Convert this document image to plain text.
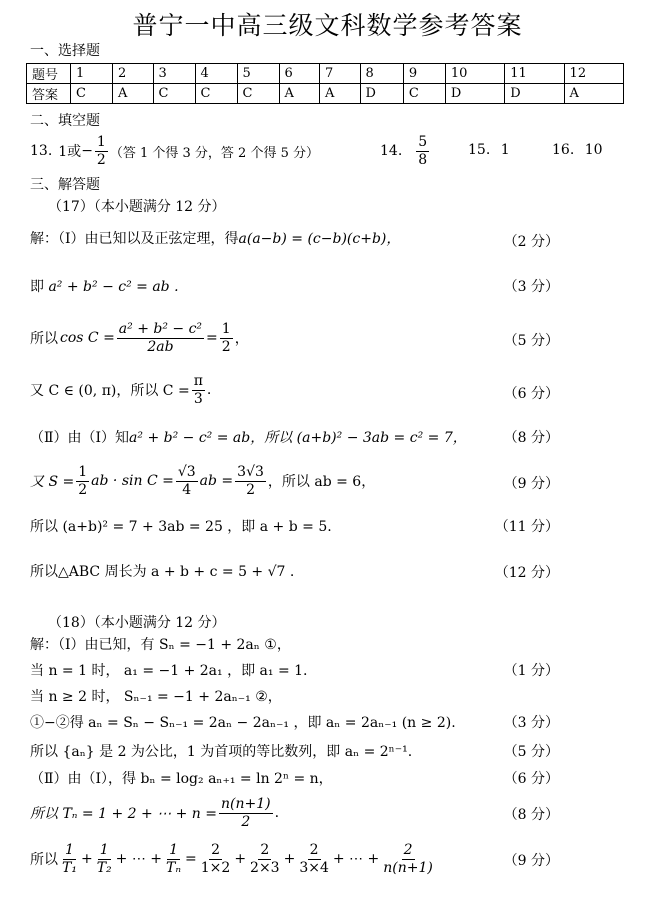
普宁一中高三级文科数学参考答案
一、选择题
题号	1	2	3	4	5	6	7	8	9	10	11	12
答案	C	A	C	C	C	A	A	D	C	D	D	A
二、填空题
13. 1或 − $\frac{1}{2}$ （答 1 个得 3 分，答 2 个得 5 分）	14. $\frac{5}{8}$	15. 1	16. 10
三、解答题
（17）（本小题满分 12 分）
解：（Ⅰ）由已知以及正弦定理，得a(a−b) = (c−b)(c+b)，	（2 分）
即 a² + b² − c² = ab .	（3 分）
所以 $\cos C = \frac{\text{a² + b² − c²}}{2ab} = \frac{1}{2}$ ，	（5 分）
又 C ∈ (0, π)，所以 $C = \frac{\pi}{3}$ .	（6 分）
（Ⅱ）由（Ⅰ）知a² + b² − c² = ab，所以 (a+b)² − 3ab = c² = 7，	（8 分）
又 $S = \frac{1}{2}$ ab · $\sin C = \frac{√3}{4}$ ab = $\frac{3√3}{2}$ ，所以 ab = 6，	（9 分）
所以 (a+b)² = 7 + 3ab = 25 ，即 a + b = 5.	（11 分）
所以△ABC 周长为 a + b + c = 5 + √7 .	（12 分）
（18）（本小题满分 12 分）
解：（Ⅰ）由已知，有 Sₙ = −1 + 2aₙ ①，
当 n = 1 时， a₁ = −1 + 2a₁ ，即 a₁ = 1.	（1 分）
当 n ≥ 2 时， Sₙ₋₁ = −1 + 2aₙ₋₁ ②，
①−②得 aₙ = Sₙ − Sₙ₋₁ = 2aₙ − 2aₙ₋₁ ，即 aₙ = 2aₙ₋₁ (n ≥ 2).	（3 分）
所以 {aₙ} 是 2 为公比，1 为首项的等比数列，即 aₙ = 2ⁿ⁻¹.	（5 分）
（Ⅱ）由（Ⅰ），得 bₙ = log₂ aₙ₊₁ = ln 2ⁿ = n，	（6 分）
所以 Tₙ = 1 + 2 + ⋯ + $n = \frac{n(n+1)}{2}$ .	（8 分）
所以 $\frac{1}{\text{T₁}} + \frac{1}{\text{T₂}}$ + ⋯ + $\frac{1}{\text{Tₙ}} = \frac{2}{1\times 2} + \frac{2}{2\times 3} + \frac{2}{3\times 4}$ + ⋯ + $\frac{2}{n(n+1)}$	（9 分）
